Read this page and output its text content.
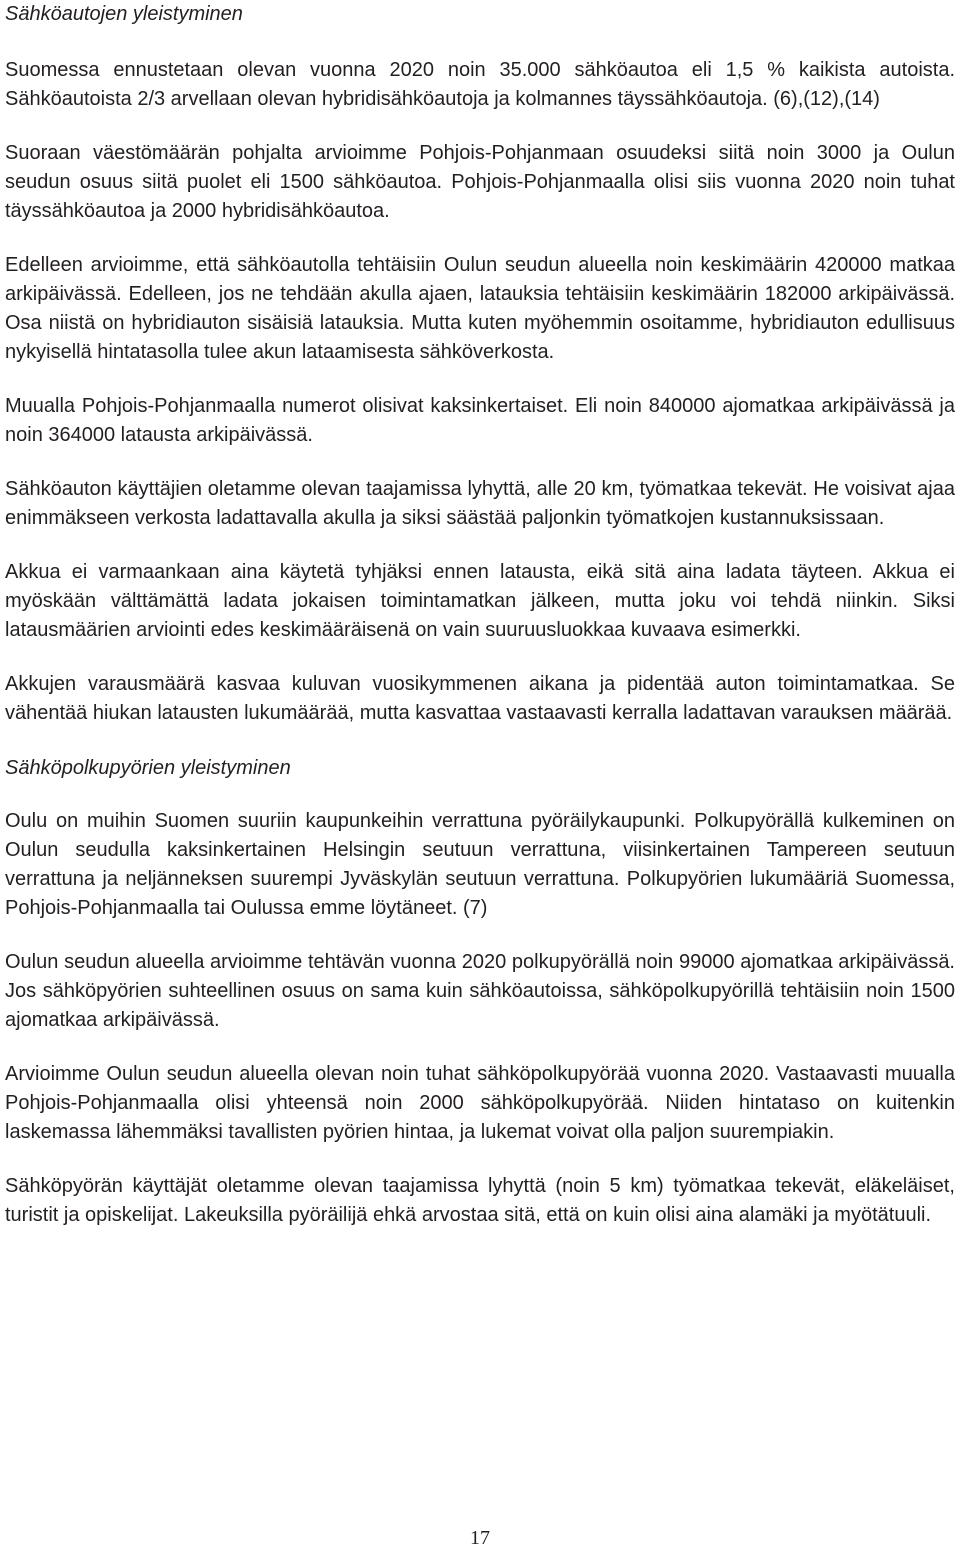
Sähköautojen yleistyminen

Suomessa ennustetaan olevan vuonna 2020 noin 35.000 sähköautoa eli 1,5 % kaikista autoista. Sähköautoista 2/3 arvellaan olevan hybridisähköautoja ja kolmannes täyssähköautoja. (6),(12),(14)

Suoraan väestömäärän pohjalta arvioimme Pohjois-Pohjanmaan osuudeksi siitä noin 3000 ja Oulun seudun osuus siitä puolet eli 1500 sähköautoa. Pohjois-Pohjanmaalla olisi siis vuonna 2020 noin tuhat täyssähköautoa ja 2000 hybridisähköautoa.

Edelleen arvioimme, että sähköautolla tehtäisiin Oulun seudun alueella noin keskimäärin 420000 matkaa arkipäivässä. Edelleen, jos ne tehdään akulla ajaen, latauksia tehtäisiin keskimäärin 182000 arkipäivässä. Osa niistä on hybridiauton sisäisiä latauksia. Mutta kuten myöhemmin osoitamme, hybridiauton edullisuus nykyisellä hintatasolla tulee akun lataamisesta sähköverkosta.

Muualla Pohjois-Pohjanmaalla numerot olisivat kaksinkertaiset. Eli noin 840000 ajomatkaa arkipäivässä ja noin 364000 latausta arkipäivässä.

Sähköauton käyttäjien oletamme olevan taajamissa lyhyttä, alle 20 km, työmatkaa tekevät. He voisivat ajaa enimmäkseen verkosta ladattavalla akulla ja siksi säästää paljonkin työmatkojen kustannuksissaan.

Akkua ei varmaankaan aina käytetä tyhjäksi ennen latausta, eikä sitä aina ladata täyteen. Akkua ei myöskään välttämättä ladata jokaisen toimintamatkan jälkeen, mutta joku voi tehdä niinkin. Siksi latausmäärien arviointi edes keskimääräisenä on vain suuruusluokkaa kuvaava esimerkki.

Akkujen varausmäärä kasvaa kuluvan vuosikymmenen aikana ja pidentää auton toimintamatkaa. Se vähentää hiukan latausten lukumäärää, mutta kasvattaa vastaavasti kerralla ladattavan varauksen määrää.

Sähköpolkupyörien yleistyminen

Oulu on muihin Suomen suuriin kaupunkeihin verrattuna pyöräilykaupunki. Polkupyörällä kulkeminen on Oulun seudulla kaksinkertainen Helsingin seutuun verrattuna, viisinkertainen Tampereen seutuun verrattuna ja neljänneksen suurempi Jyväskylän seutuun verrattuna. Polkupyörien lukumääriä Suomessa, Pohjois-Pohjanmaalla tai Oulussa emme löytäneet. (7)

Oulun seudun alueella arvioimme tehtävän vuonna 2020 polkupyörällä noin 99000 ajomatkaa arkipäivässä. Jos sähköpyörien suhteellinen osuus on sama kuin sähköautoissa, sähköpolkupyörillä tehtäisiin noin 1500 ajomatkaa arkipäivässä.

Arvioimme Oulun seudun alueella olevan noin tuhat sähköpolkupyörää vuonna 2020. Vastaavasti muualla Pohjois-Pohjanmaalla olisi yhteensä noin 2000 sähköpolkupyörää. Niiden hintataso on kuitenkin laskemassa lähemmäksi tavallisten pyörien hintaa, ja lukemat voivat olla paljon suurempiakin.

Sähköpyörän käyttäjät oletamme olevan taajamissa lyhyttä (noin 5 km) työmatkaa tekevät, eläkeläiset, turistit ja opiskelijat. Lakeuksilla pyöräilijä ehkä arvostaa sitä, että on kuin olisi aina alamäki ja myötätuuli.

17
